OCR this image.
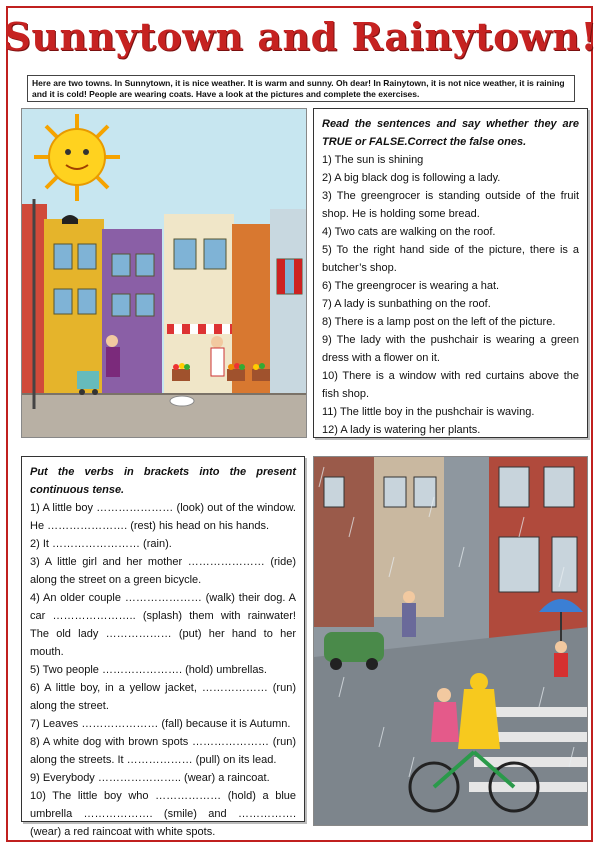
Sunnytown and Rainytown!
Here are two towns. In Sunnytown, it is nice weather. It is warm and sunny. Oh dear! In Rainytown, it is not nice weather, it is raining and it is cold! People are wearing coats. Have a look at the pictures and complete the exercises.
Read the sentences and say whether they are TRUE or FALSE.Correct the false ones.
1) The sun is shining
2) A big black dog is following a lady.
3) The greengrocer is standing outside of the fruit shop. He is holding some bread.
4) Two cats are walking on the roof.
5) To the right hand side of the picture, there is a butcher’s shop.
6) The greengrocer is wearing a hat.
7) A lady is sunbathing on the roof.
8) There is a lamp post on the left of the picture.
9) The lady with the pushchair is wearing a green dress with a flower on it.
10) There is a window with red curtains above the fish shop.
11) The little boy in the pushchair is waving.
12) A lady is watering her plants.
Put the verbs in brackets into the present continuous tense.
1) A little boy ………………… (look) out of the window. He …………………. (rest) his head on his hands.
2) It …………………… (rain).
3) A little girl and her mother ………………… (ride) along the street on a green bicycle.
4) An older couple ………………… (walk) their dog. A car ………………….. (splash) them with rainwater! The old lady ……………… (put) her hand to her mouth.
5) Two people …………………. (hold) umbrellas.
6) A little boy, in a yellow jacket, ……………… (run) along the street.
7) Leaves ………………… (fall) because it is Autumn.
8) A white dog with brown spots ………………… (run) along the streets. It ……………… (pull) on its lead.
9) Everybody ………………….. (wear) a raincoat.
10) The little boy who ……………… (hold) a blue umbrella ………………. (smile) and ……………. (wear) a red raincoat with white spots.
